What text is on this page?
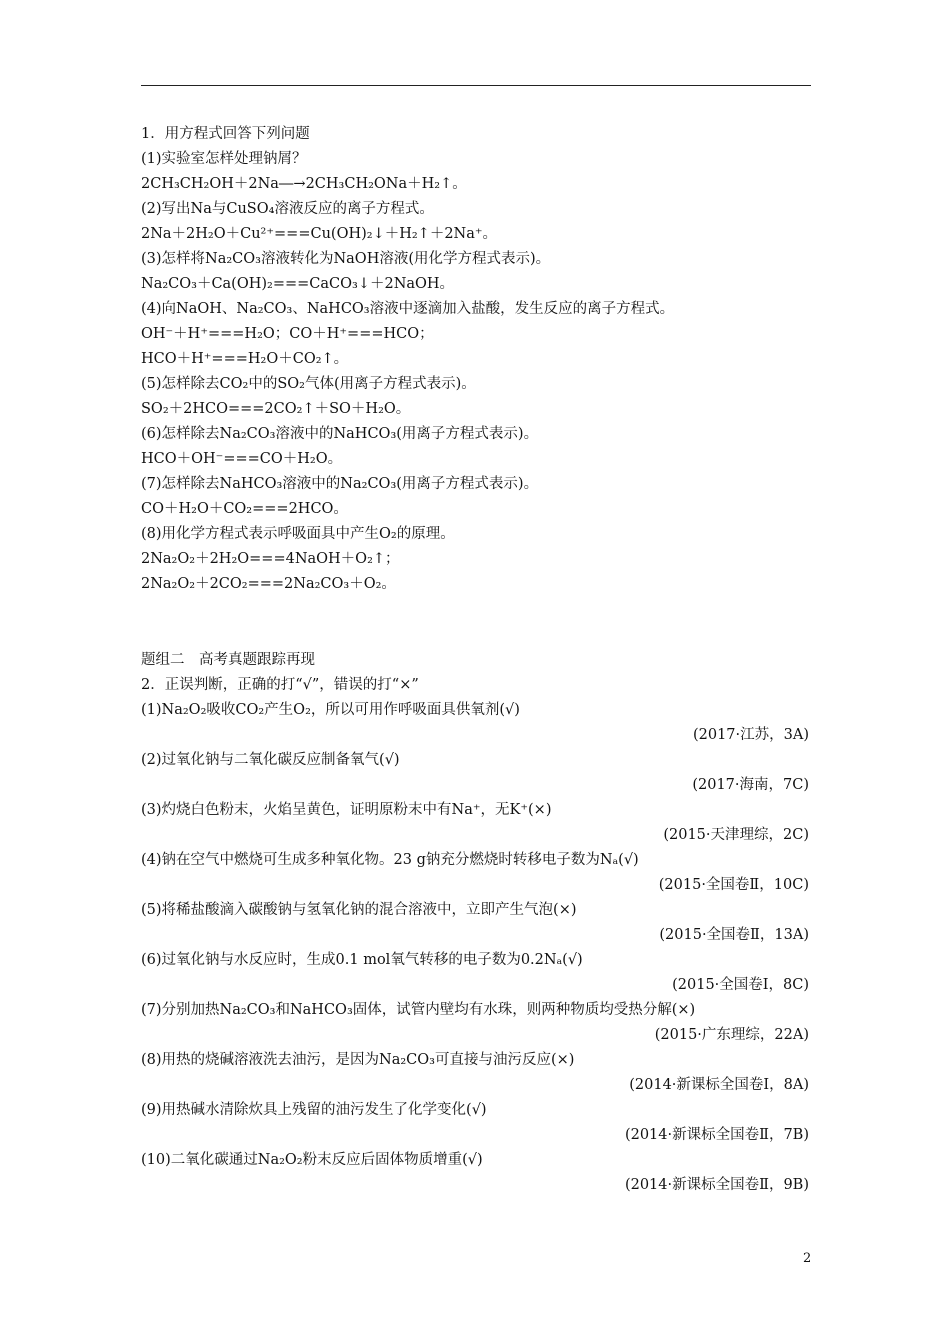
1．用方程式回答下列问题
(1)实验室怎样处理钠屑？
2CH₃CH₂OH＋2Na―→2CH₃CH₂ONa＋H₂↑。
(2)写出Na与CuSO₄溶液反应的离子方程式。
2Na＋2H₂O＋Cu²⁺===Cu(OH)₂↓＋H₂↑＋2Na⁺。
(3)怎样将Na₂CO₃溶液转化为NaOH溶液(用化学方程式表示)。
Na₂CO₃＋Ca(OH)₂===CaCO₃↓＋2NaOH。
(4)向NaOH、Na₂CO₃、NaHCO₃溶液中逐滴加入盐酸，发生反应的离子方程式。
OH⁻＋H⁺===H₂O；CO＋H⁺===HCO；
HCO＋H⁺===H₂O＋CO₂↑。
(5)怎样除去CO₂中的SO₂气体(用离子方程式表示)。
SO₂＋2HCO===2CO₂↑＋SO＋H₂O。
(6)怎样除去Na₂CO₃溶液中的NaHCO₃(用离子方程式表示)。
HCO＋OH⁻===CO＋H₂O。
(7)怎样除去NaHCO₃溶液中的Na₂CO₃(用离子方程式表示)。
CO＋H₂O＋CO₂===2HCO。
(8)用化学方程式表示呼吸面具中产生O₂的原理。
2Na₂O₂＋2H₂O===4NaOH＋O₂↑；
2Na₂O₂＋2CO₂===2Na₂CO₃＋O₂。
题组二　高考真题跟踪再现
2．正误判断，正确的打“√”，错误的打“×”
(1)Na₂O₂吸收CO₂产生O₂，所以可用作呼吸面具供氧剂(√)
(2017·江苏，3A)
(2)过氧化钠与二氧化碳反应制备氧气(√)
(2017·海南，7C)
(3)灼烧白色粉末，火焰呈黄色，证明原粉末中有Na⁺，无K⁺(×)
(2015·天津理综，2C)
(4)钠在空气中燃烧可生成多种氧化物。23 g钠充分燃烧时转移电子数为Nₐ(√)
(2015·全国卷Ⅱ，10C)
(5)将稀盐酸滴入碳酸钠与氢氧化钠的混合溶液中，立即产生气泡(×)
(2015·全国卷Ⅱ，13A)
(6)过氧化钠与水反应时，生成0.1 mol氧气转移的电子数为0.2Nₐ(√)
(2015·全国卷Ⅰ，8C)
(7)分别加热Na₂CO₃和NaHCO₃固体，试管内壁均有水珠，则两种物质均受热分解(×)
(2015·广东理综，22A)
(8)用热的烧碱溶液洗去油污，是因为Na₂CO₃可直接与油污反应(×)
(2014·新课标全国卷Ⅰ，8A)
(9)用热碱水清除炊具上残留的油污发生了化学变化(√)
(2014·新课标全国卷Ⅱ，7B)
(10)二氧化碳通过Na₂O₂粉末反应后固体物质增重(√)
(2014·新课标全国卷Ⅱ，9B)
2
